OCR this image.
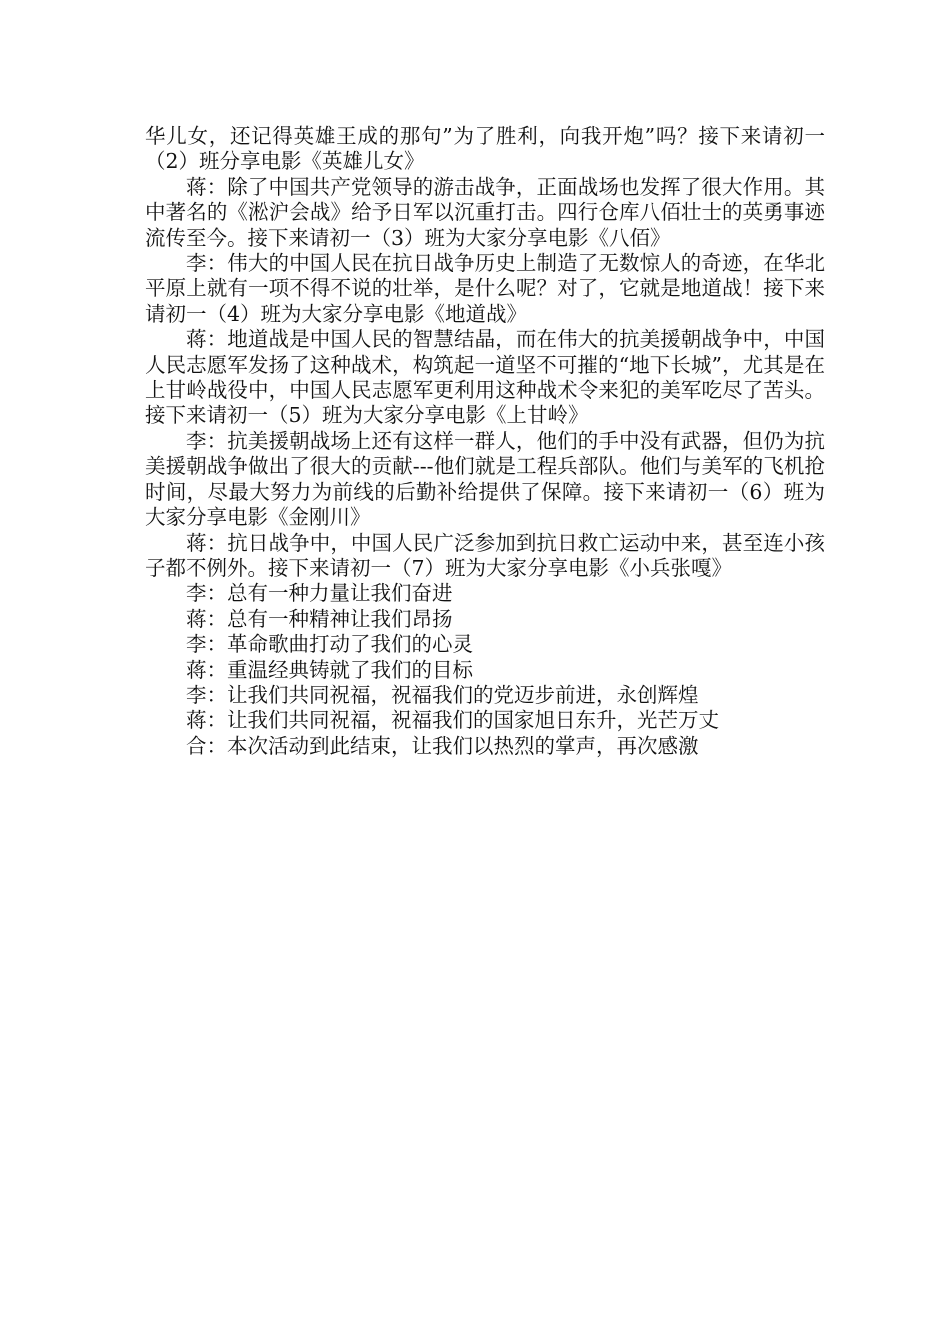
华儿女，还记得英雄王成的那句”为了胜利，向我开炮”吗？接下来请初一（2）班分享电影《英雄儿女》

蒋：除了中国共产党领导的游击战争，正面战场也发挥了很大作用。其中著名的《淞沪会战》给予日军以沉重打击。四行仓库八佰壮士的英勇事迹流传至今。接下来请初一（3）班为大家分享电影《八佰》

李：伟大的中国人民在抗日战争历史上制造了无数惊人的奇迹，在华北平原上就有一项不得不说的壮举，是什么呢？对了，它就是地道战！接下来请初一（4）班为大家分享电影《地道战》

蒋：地道战是中国人民的智慧结晶，而在伟大的抗美援朝战争中，中国人民志愿军发扬了这种战术，构筑起一道坚不可摧的“地下长城”，尤其是在上甘岭战役中，中国人民志愿军更利用这种战术令来犯的美军吃尽了苦头。接下来请初一（5）班为大家分享电影《上甘岭》

李：抗美援朝战场上还有这样一群人，他们的手中没有武器，但仍为抗美援朝战争做出了很大的贡献---他们就是工程兵部队。他们与美军的飞机抢时间，尽最大努力为前线的后勤补给提供了保障。接下来请初一（6）班为大家分享电影《金刚川》

蒋：抗日战争中，中国人民广泛参加到抗日救亡运动中来，甚至连小孩子都不例外。接下来请初一（7）班为大家分享电影《小兵张嘎》

李：总有一种力量让我们奋进

蒋：总有一种精神让我们昂扬

李：革命歌曲打动了我们的心灵

蒋：重温经典铸就了我们的目标

李：让我们共同祝福，祝福我们的党迈步前进，永创辉煌

蒋：让我们共同祝福，祝福我们的国家旭日东升，光芒万丈

合：本次活动到此结束，让我们以热烈的掌声，再次感激
